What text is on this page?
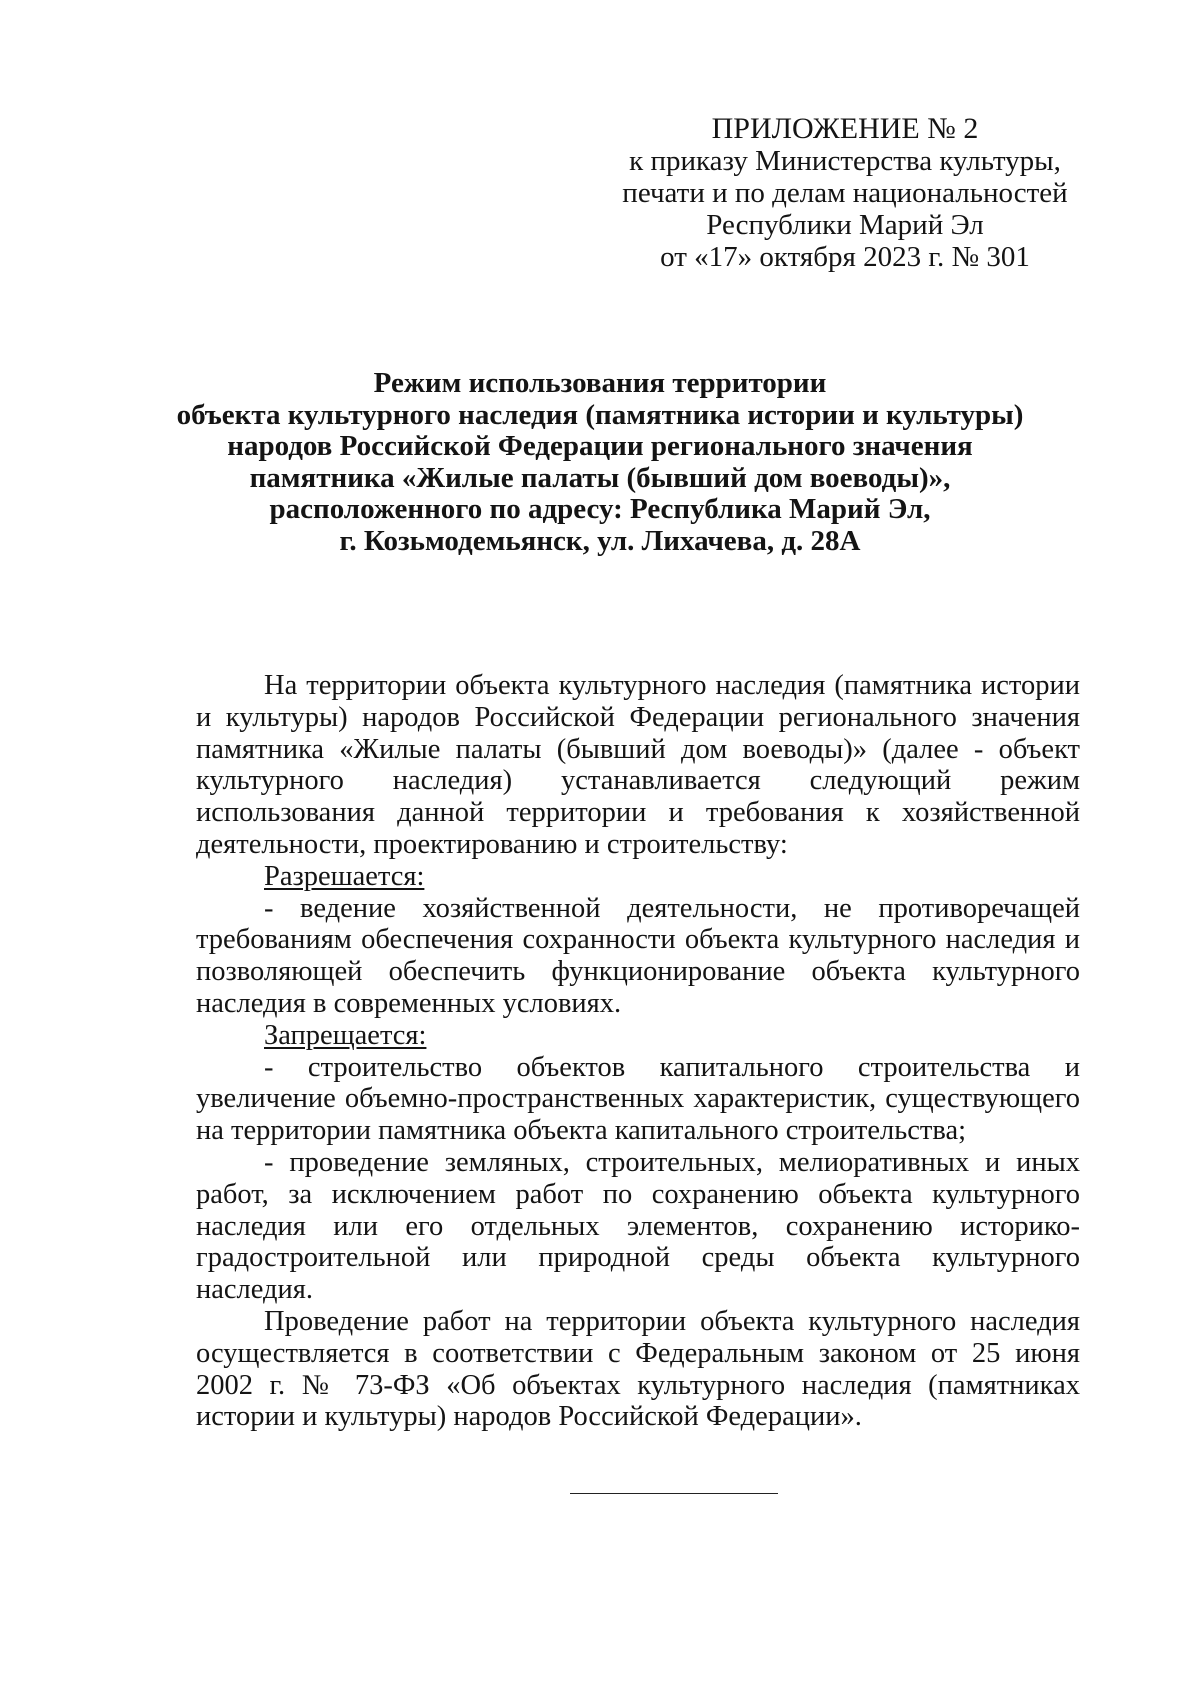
ПРИЛОЖЕНИЕ № 2
к приказу Министерства культуры,
печати и по делам национальностей
Республики Марий Эл
от «17» октября 2023 г. № 301
Режим использования территории
объекта культурного наследия (памятника истории и культуры)
народов Российской Федерации регионального значения
памятника «Жилые палаты (бывший дом воеводы)»,
расположенного по адресу: Республика Марий Эл,
г. Козьмодемьянск, ул. Лихачева, д. 28А

На территории объекта культурного наследия (памятника истории и культуры) народов Российской Федерации регионального значения памятника «Жилые палаты (бывший дом воеводы)» (далее - объект культурного наследия) устанавливается следующий режим использования данной территории и требования к хозяйственной деятельности, проектированию и строительству:

Разрешается:

- ведение хозяйственной деятельности, не противоречащей требованиям обеспечения сохранности объекта культурного наследия и позволяющей обеспечить функционирование объекта культурного наследия в современных условиях.

Запрещается:

- строительство объектов капитального строительства и увеличение объемно-пространственных характеристик, существующего на территории памятника объекта капитального строительства;

- проведение земляных, строительных, мелиоративных и иных работ, за исключением работ по сохранению объекта культурного наследия или его отдельных элементов, сохранению историко-градостроительной или природной среды объекта культурного наследия.

Проведение работ на территории объекта культурного наследия осуществляется в соответствии с Федеральным законом от 25 июня 2002 г. № 73-ФЗ «Об объектах культурного наследия (памятниках истории и культуры) народов Российской Федерации».
